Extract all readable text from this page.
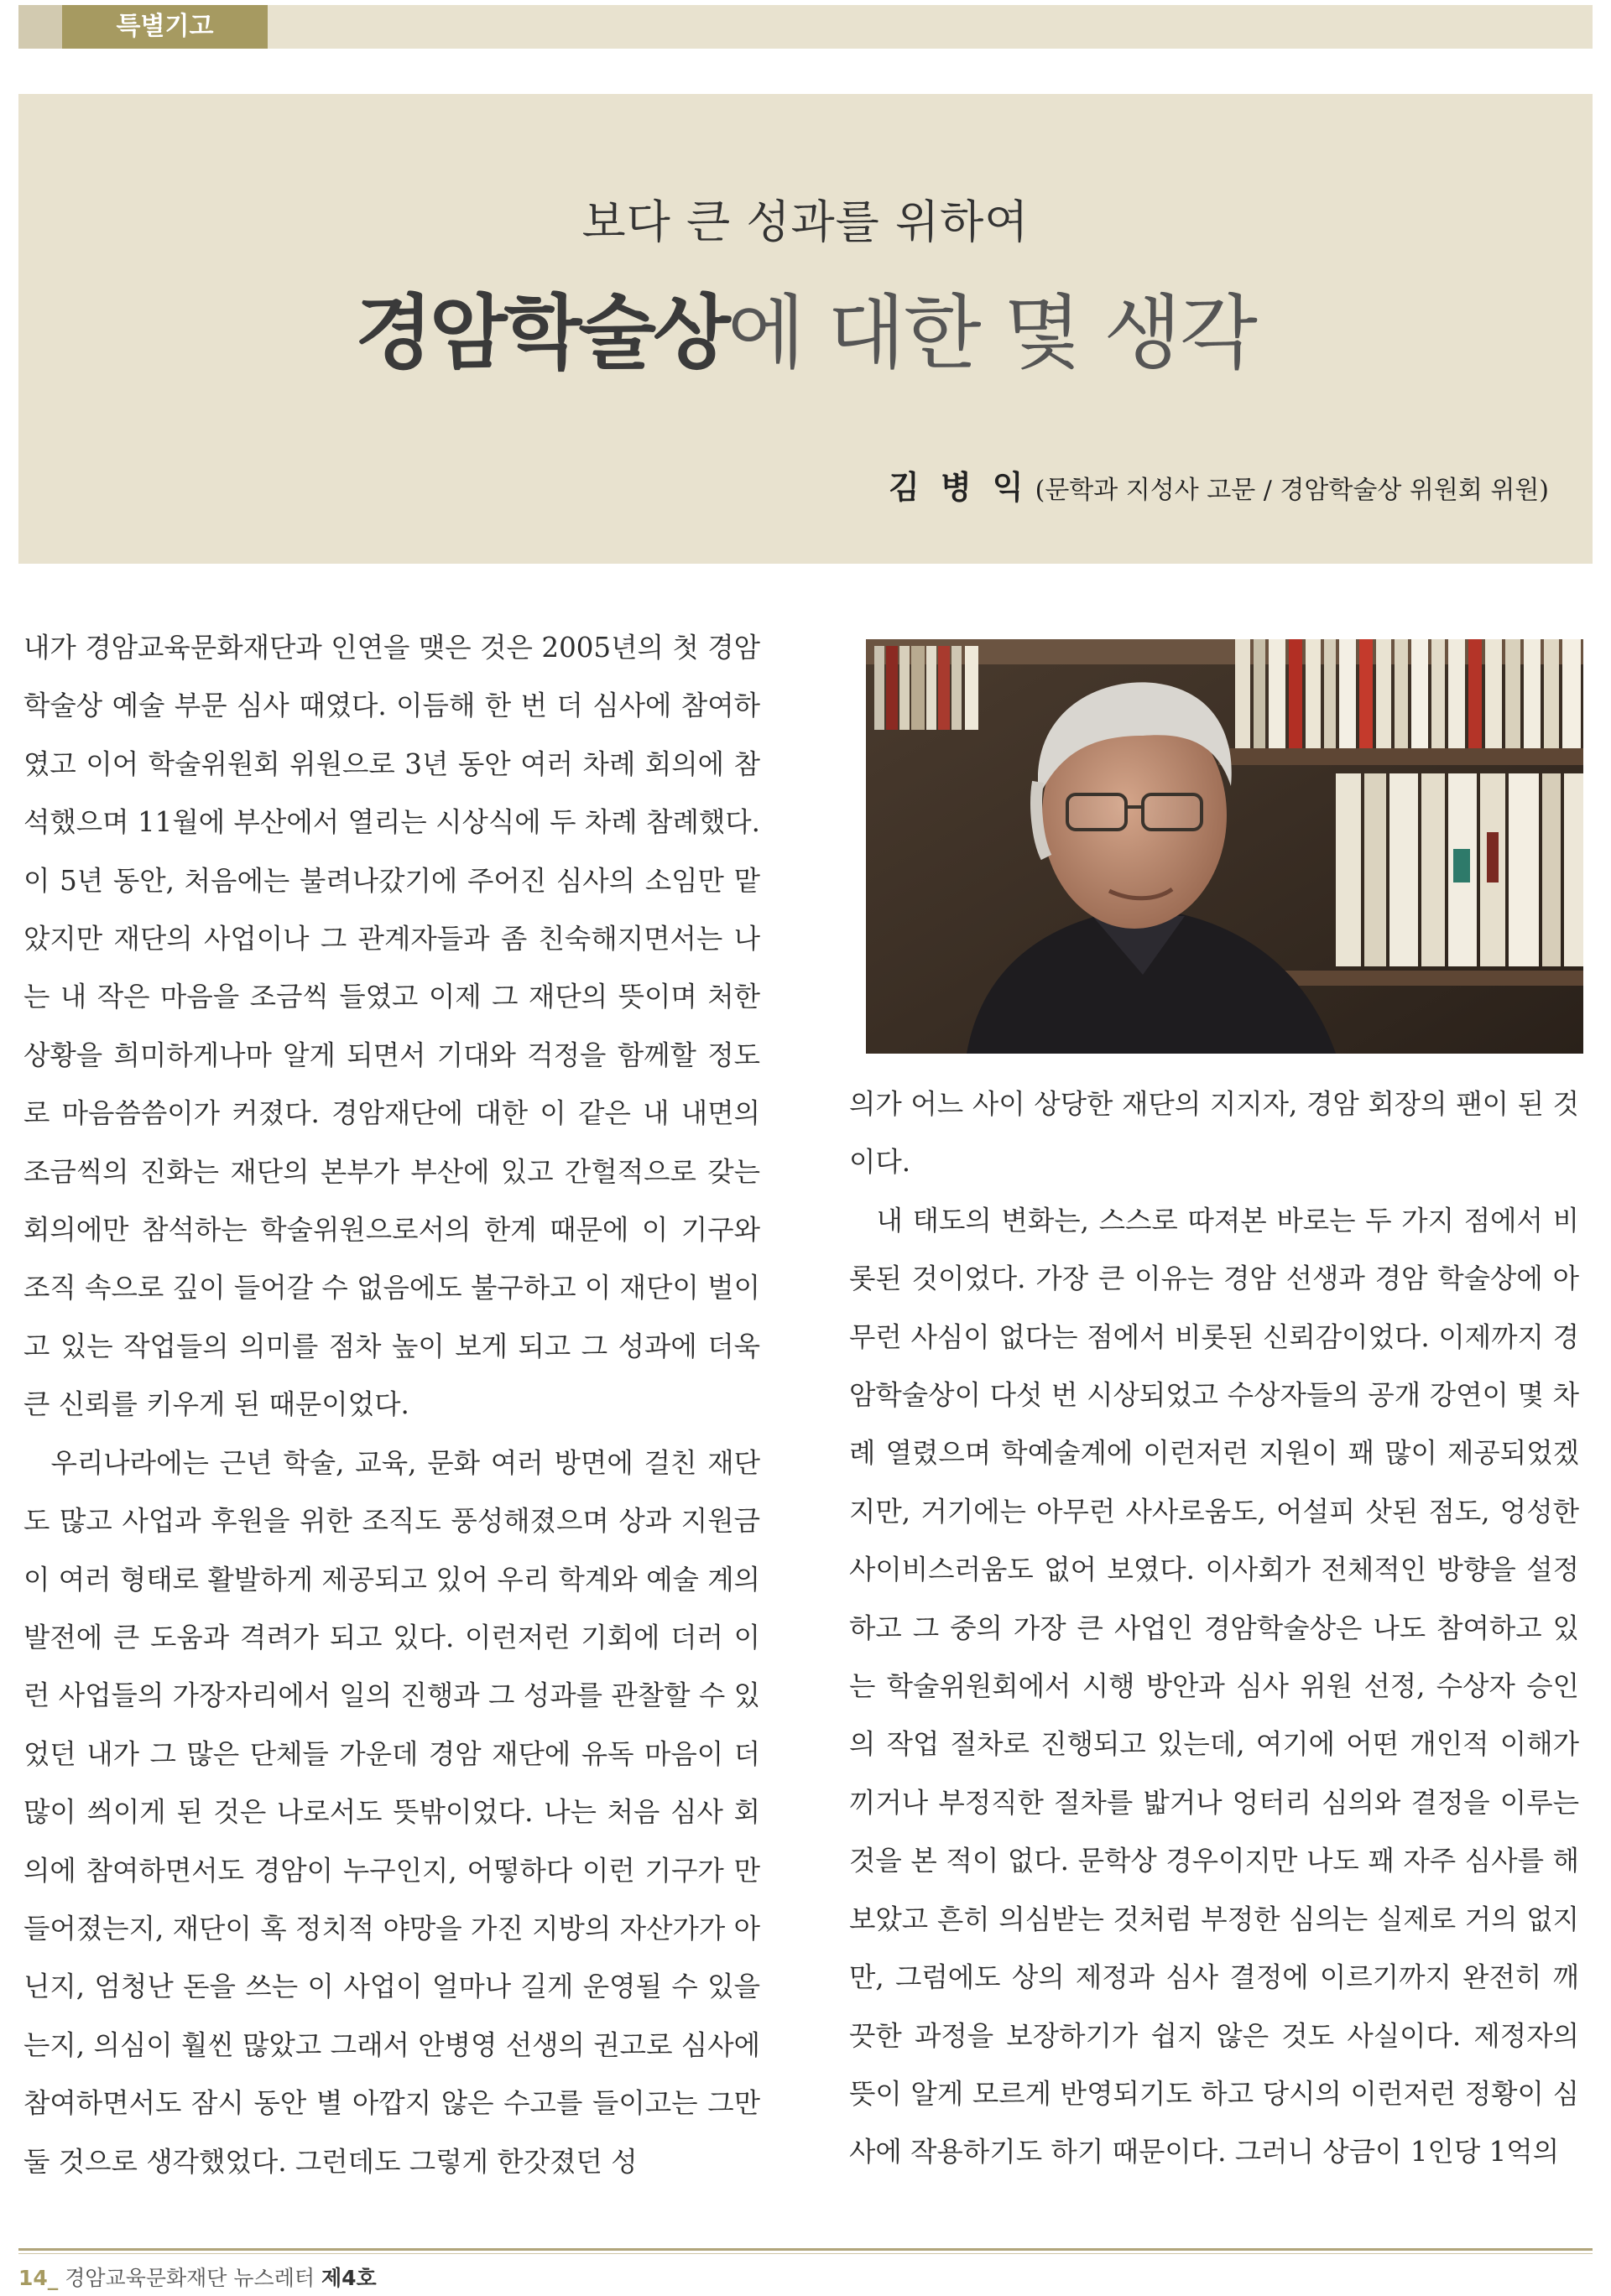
특별기고
보다 큰 성과를 위하여
경암학술상에 대한 몇 생각
김 병 익 (문학과 지성사 고문 / 경암학술상 위원회 위원)

내가 경암교육문화재단과 인연을 맺은 것은 2005년의 첫 경암학술상 예술 부문 심사 때였다. 이듬해 한 번 더 심사에 참여하였고 이어 학술위원회 위원으로 3년 동안 여러 차례 회의에 참석했으며 11월에 부산에서 열리는 시상식에 두 차례 참례했다. 이 5년 동안, 처음에는 불려나갔기에 주어진 심사의 소임만 맡았지만 재단의 사업이나 그 관계자들과 좀 친숙해지면서는 나는 내 작은 마음을 조금씩 들였고 이제 그 재단의 뜻이며 처한 상황을 희미하게나마 알게 되면서 기대와 걱정을 함께할 정도로 마음씀씀이가 커졌다. 경암재단에 대한 이 같은 내 내면의 조금씩의 진화는 재단의 본부가 부산에 있고 간헐적으로 갖는 회의에만 참석하는 학술위원으로서의 한계 때문에 이 기구와 조직 속으로 깊이 들어갈 수 없음에도 불구하고 이 재단이 벌이고 있는 작업들의 의미를 점차 높이 보게 되고 그 성과에 더욱 큰 신뢰를 키우게 된 때문이었다.

우리나라에는 근년 학술, 교육, 문화 여러 방면에 걸친 재단도 많고 사업과 후원을 위한 조직도 풍성해졌으며 상과 지원금이 여러 형태로 활발하게 제공되고 있어 우리 학계와 예술 계의 발전에 큰 도움과 격려가 되고 있다. 이런저런 기회에 더러 이런 사업들의 가장자리에서 일의 진행과 그 성과를 관찰할 수 있었던 내가 그 많은 단체들 가운데 경암 재단에 유독 마음이 더 많이 씌이게 된 것은 나로서도 뜻밖이었다. 나는 처음 심사 회의에 참여하면서도 경암이 누구인지, 어떻하다 이런 기구가 만들어졌는지, 재단이 혹 정치적 야망을 가진 지방의 자산가가 아닌지, 엄청난 돈을 쓰는 이 사업이 얼마나 길게 운영될 수 있을는지, 의심이 훨씬 많았고 그래서 안병영 선생의 권고로 심사에 참여하면서도 잠시 동안 별 아깝지 않은 수고를 들이고는 그만둘 것으로 생각했었다. 그런데도 그렇게 한갓졌던 성

의가 어느 사이 상당한 재단의 지지자, 경암 회장의 팬이 된 것이다.

내 태도의 변화는, 스스로 따져본 바로는 두 가지 점에서 비롯된 것이었다. 가장 큰 이유는 경암 선생과 경암 학술상에 아무런 사심이 없다는 점에서 비롯된 신뢰감이었다. 이제까지 경암학술상이 다섯 번 시상되었고 수상자들의 공개 강연이 몇 차례 열렸으며 학예술계에 이런저런 지원이 꽤 많이 제공되었겠지만, 거기에는 아무런 사사로움도, 어설피 삿된 점도, 엉성한 사이비스러움도 없어 보였다. 이사회가 전체적인 방향을 설정하고 그 중의 가장 큰 사업인 경암학술상은 나도 참여하고 있는 학술위원회에서 시행 방안과 심사 위원 선정, 수상자 승인의 작업 절차로 진행되고 있는데, 여기에 어떤 개인적 이해가 끼거나 부정직한 절차를 밟거나 엉터리 심의와 결정을 이루는 것을 본 적이 없다. 문학상 경우이지만 나도 꽤 자주 심사를 해보았고 흔히 의심받는 것처럼 부정한 심의는 실제로 거의 없지만, 그럼에도 상의 제정과 심사 결정에 이르기까지 완전히 깨끗한 과정을 보장하기가 쉽지 않은 것도 사실이다. 제정자의 뜻이 알게 모르게 반영되기도 하고 당시의 이런저런 정황이 심사에 작용하기도 하기 때문이다. 그러니 상금이 1인당 1억의

14_ 경암교육문화재단 뉴스레터 제4호
